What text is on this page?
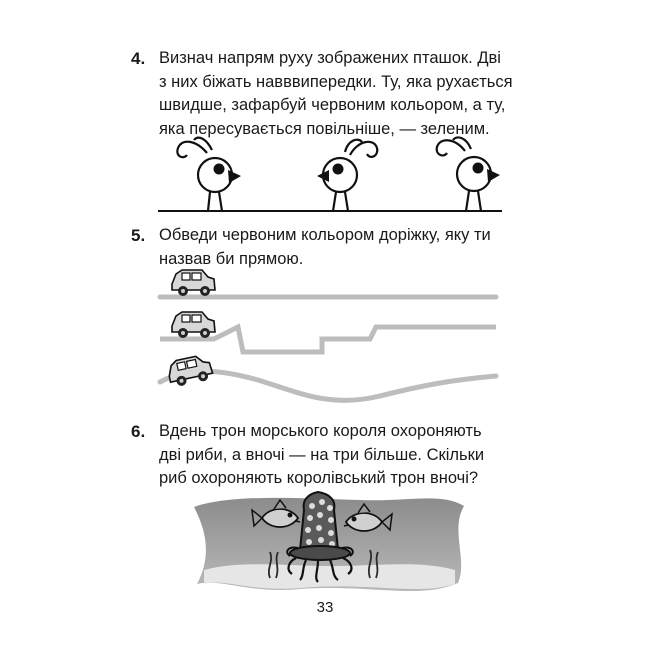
4. Визнач напрям руху зображених пташок. Дві
з них біжать навввипередки. Ту, яка рухається
швидше, зафарбуй червоним кольором, а ту,
яка пересувається повільніше, — зеленим.

5. Обведи червоним кольором доріжку, яку ти
назвав би прямою.

6. Вдень трон морського короля охороняють
дві риби, а вночі — на три більше. Скільки
риб охороняють королівський трон вночі?

33
